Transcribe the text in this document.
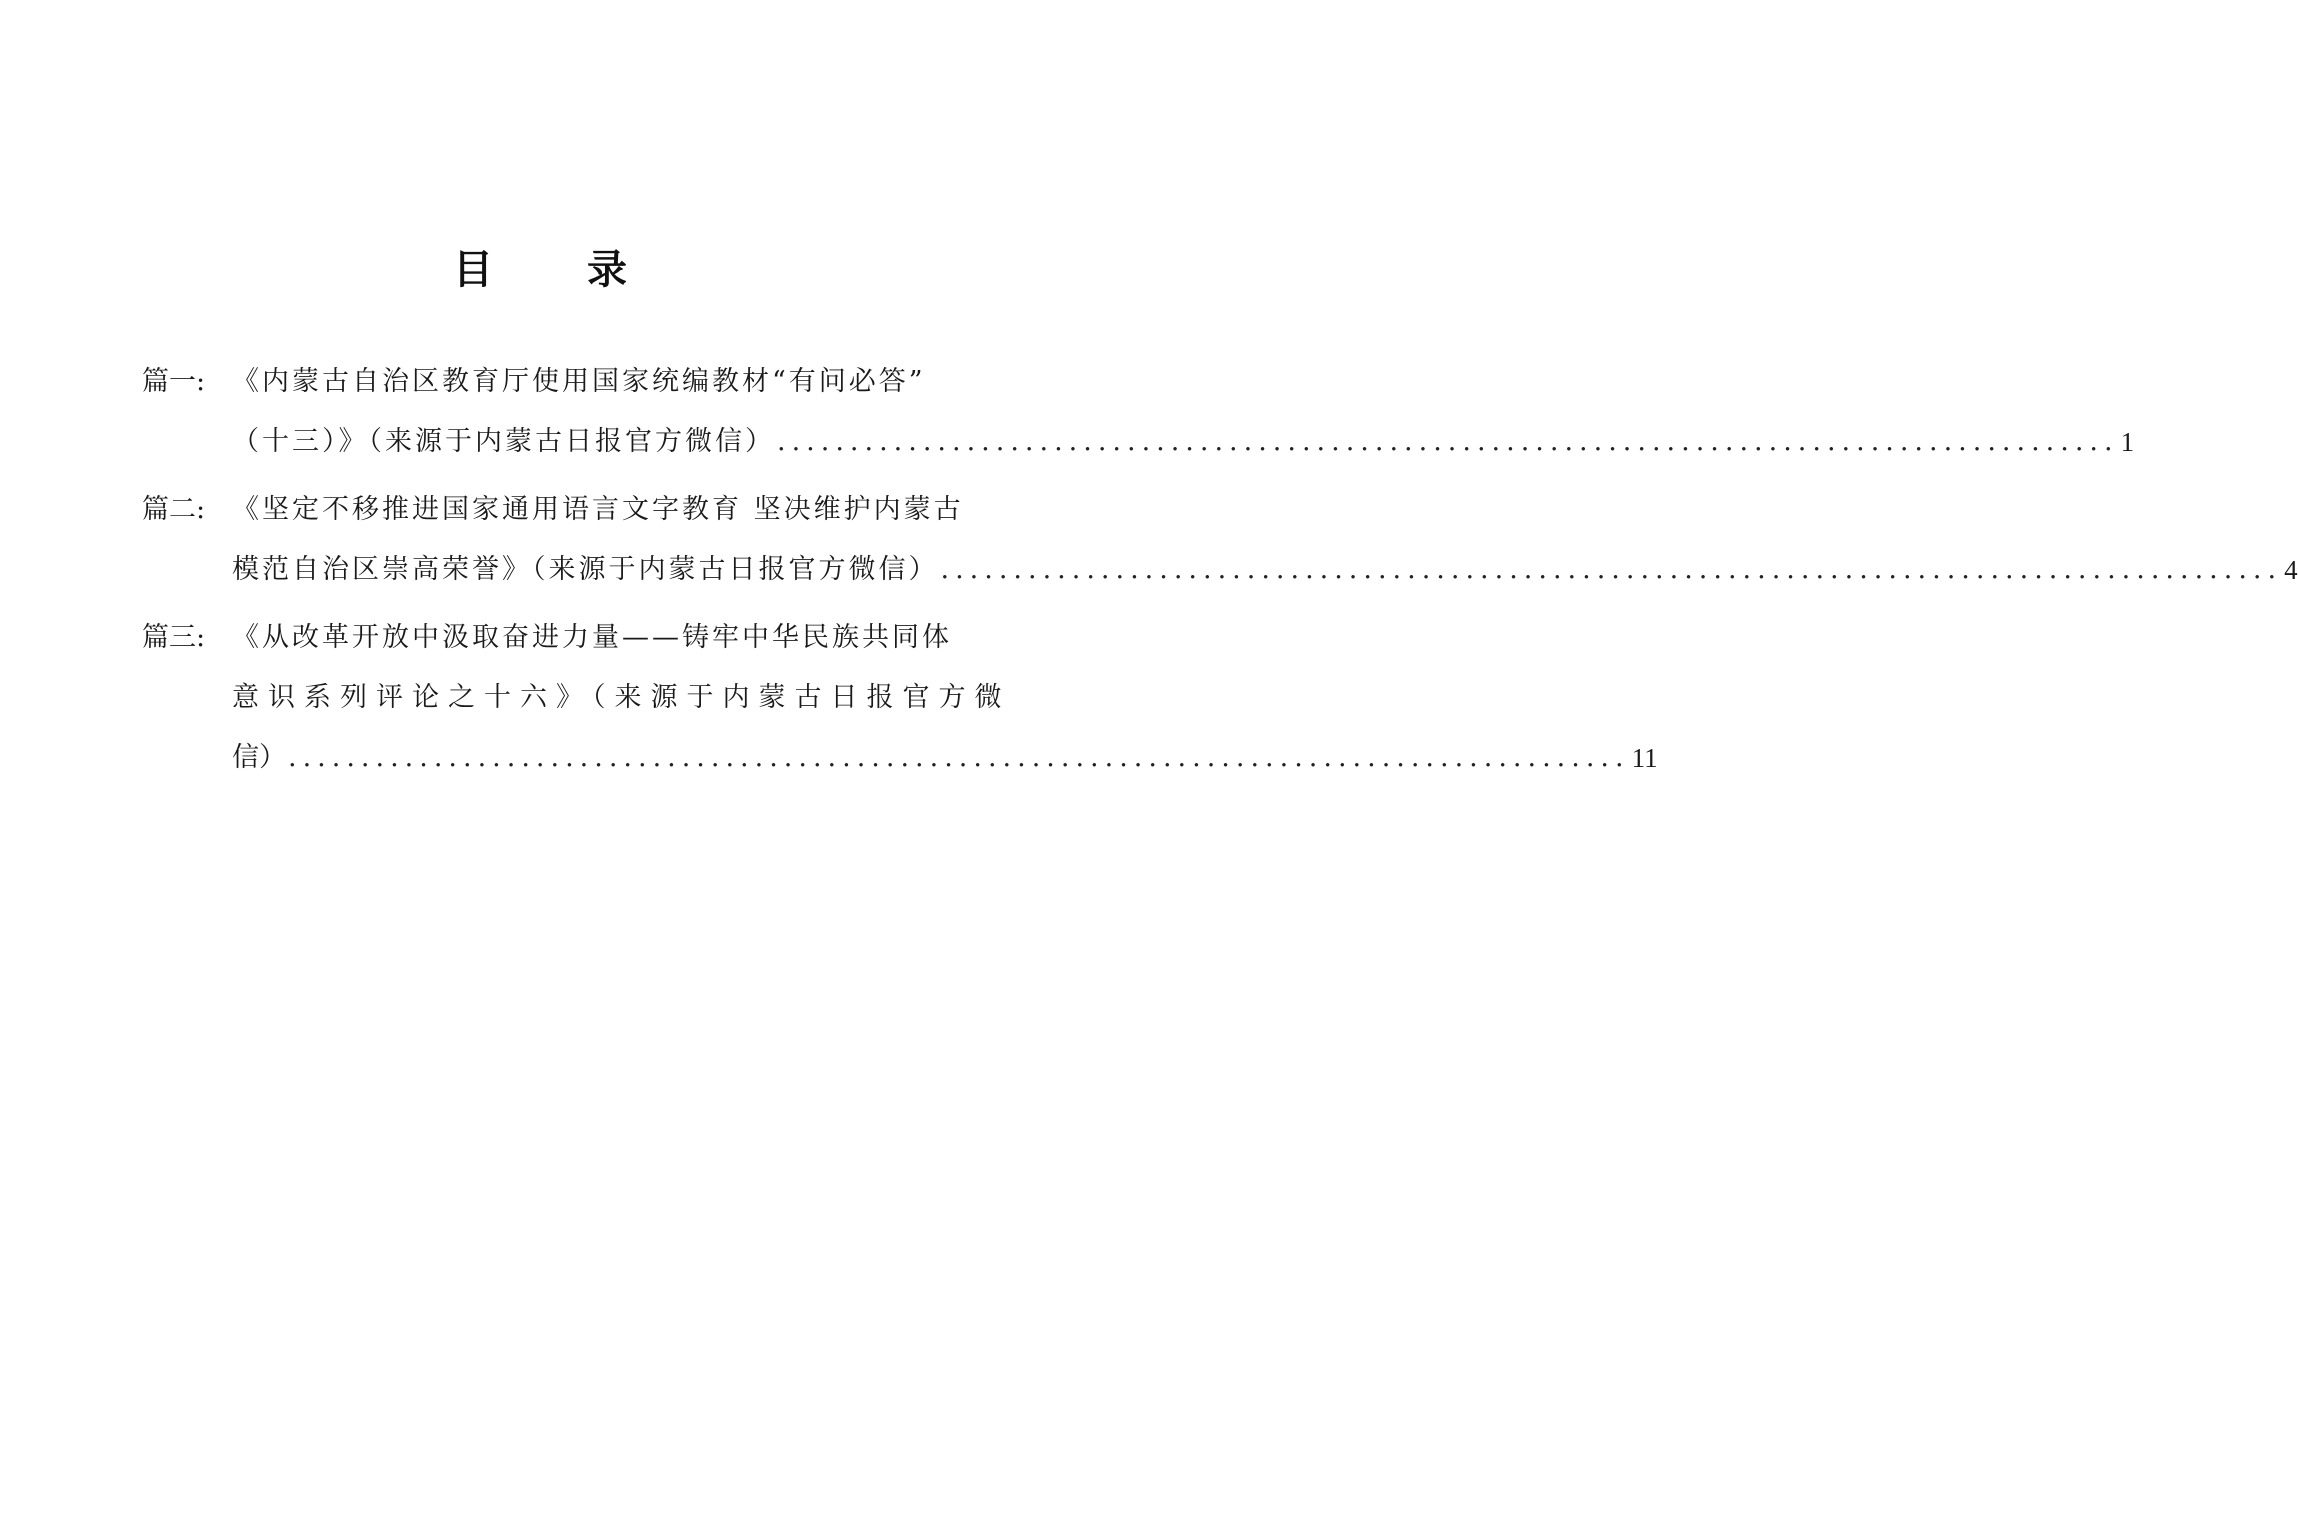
目 录
篇一: 《内蒙古自治区教育厅使用国家统编教材“有问必答”
（十三）》（来源于内蒙古日报官方微信） ............................................................................................ 1
篇二: 《坚定不移推进国家通用语言文字教育 坚决维护内蒙古
模范自治区崇高荣誉》（来源于内蒙古日报官方微信） ............................................................................................ 4
篇三: 《从改革开放中汲取奋进力量——铸牢中华民族共同体
意识系列评论之十六》（来源于内蒙古日报官方微
信） ............................................................................................ 11
